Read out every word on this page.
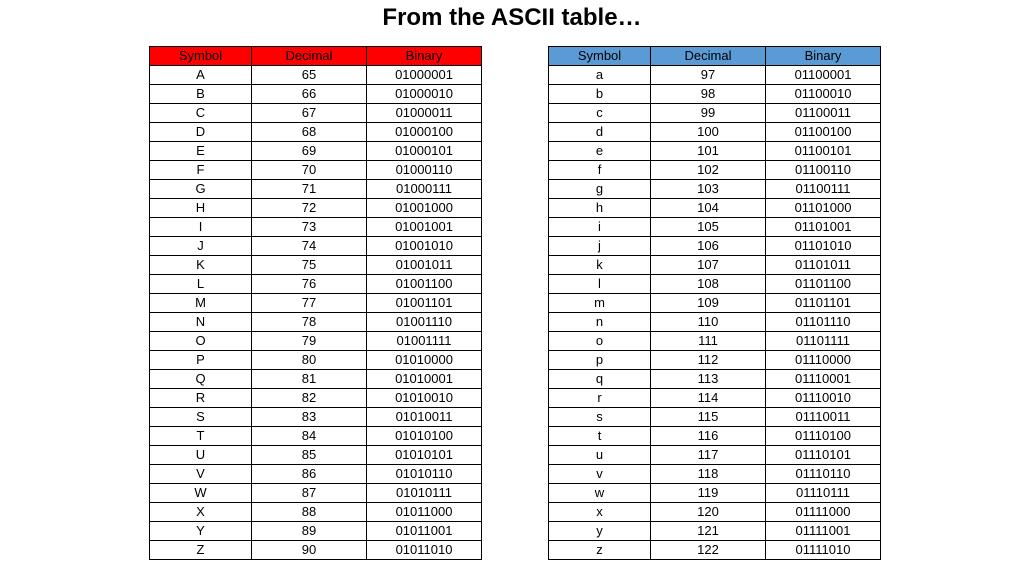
From the ASCII table…
Symbol	Decimal	Binary
A	65	01000001
B	66	01000010
C	67	01000011
D	68	01000100
E	69	01000101
F	70	01000110
G	71	01000111
H	72	01001000
I	73	01001001
J	74	01001010
K	75	01001011
L	76	01001100
M	77	01001101
N	78	01001110
O	79	01001111
P	80	01010000
Q	81	01010001
R	82	01010010
S	83	01010011
T	84	01010100
U	85	01010101
V	86	01010110
W	87	01010111
X	88	01011000
Y	89	01011001
Z	90	01011010
Symbol	Decimal	Binary
a	97	01100001
b	98	01100010
c	99	01100011
d	100	01100100
e	101	01100101
f	102	01100110
g	103	01100111
h	104	01101000
i	105	01101001
j	106	01101010
k	107	01101011
l	108	01101100
m	109	01101101
n	110	01101110
o	111	01101111
p	112	01110000
q	113	01110001
r	114	01110010
s	115	01110011
t	116	01110100
u	117	01110101
v	118	01110110
w	119	01110111
x	120	01111000
y	121	01111001
z	122	01111010
